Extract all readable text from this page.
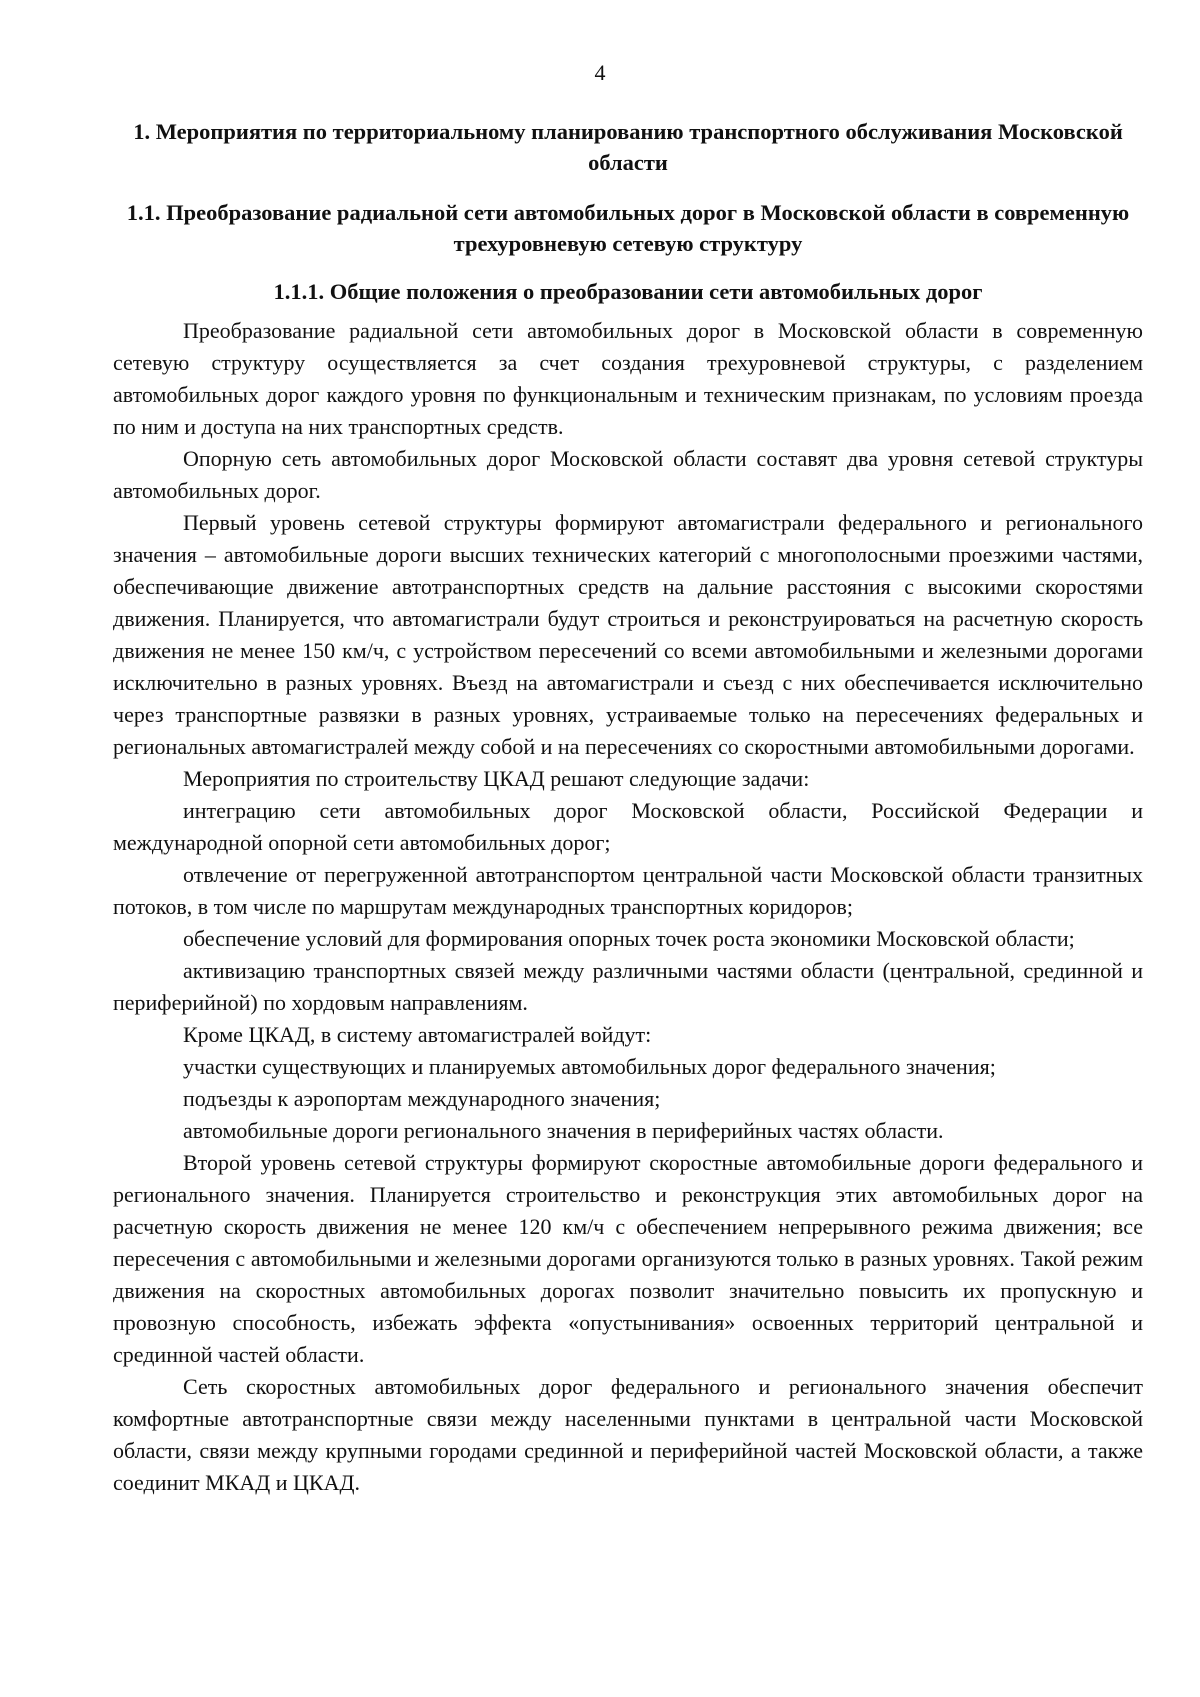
4

1. Мероприятия по территориальному планированию транспортного обслуживания Московской области

1.1. Преобразование радиальной сети автомобильных дорог в Московской области в современную трехуровневую сетевую структуру

1.1.1. Общие положения о преобразовании сети автомобильных дорог

Преобразование радиальной сети автомобильных дорог в Московской области в современную сетевую структуру осуществляется за счет создания трехуровневой структуры, с разделением автомобильных дорог каждого уровня по функциональным и техническим признакам, по условиям проезда по ним и доступа на них транспортных средств.

Опорную сеть автомобильных дорог Московской области составят два уровня сетевой структуры автомобильных дорог.

Первый уровень сетевой структуры формируют автомагистрали федерального и регионального значения – автомобильные дороги высших технических категорий с многополосными проезжими частями, обеспечивающие движение автотранспортных средств на дальние расстояния с высокими скоростями движения. Планируется, что автомагистрали будут строиться и реконструироваться на расчетную скорость движения не менее 150 км/ч, с устройством пересечений со всеми автомобильными и железными дорогами исключительно в разных уровнях. Въезд на автомагистрали и съезд с них обеспечивается исключительно через транспортные развязки в разных уровнях, устраиваемые только на пересечениях федеральных и региональных автомагистралей между собой и на пересечениях со скоростными автомобильными дорогами.

Мероприятия по строительству ЦКАД решают следующие задачи:

интеграцию сети автомобильных дорог Московской области, Российской Федерации и международной опорной сети автомобильных дорог;

отвлечение от перегруженной автотранспортом центральной части Московской области транзитных потоков, в том числе по маршрутам международных транспортных коридоров;

обеспечение условий для формирования опорных точек роста экономики Московской области;

активизацию транспортных связей между различными частями области (центральной, срединной и периферийной) по хордовым направлениям.

Кроме ЦКАД, в систему автомагистралей войдут:

участки существующих и планируемых автомобильных дорог федерального значения;

подъезды к аэропортам международного значения;

автомобильные дороги регионального значения в периферийных частях области.

Второй уровень сетевой структуры формируют скоростные автомобильные дороги федерального и регионального значения. Планируется строительство и реконструкция этих автомобильных дорог на расчетную скорость движения не менее 120 км/ч с обеспечением непрерывного режима движения; все пересечения с автомобильными и железными дорогами организуются только в разных уровнях. Такой режим движения на скоростных автомобильных дорогах позволит значительно повысить их пропускную и провозную способность, избежать эффекта «опустынивания» освоенных территорий центральной и срединной частей области.

Сеть скоростных автомобильных дорог федерального и регионального значения обеспечит комфортные автотранспортные связи между населенными пунктами в центральной части Московской области, связи между крупными городами срединной и периферийной частей Московской области, а также соединит МКАД и ЦКАД.
